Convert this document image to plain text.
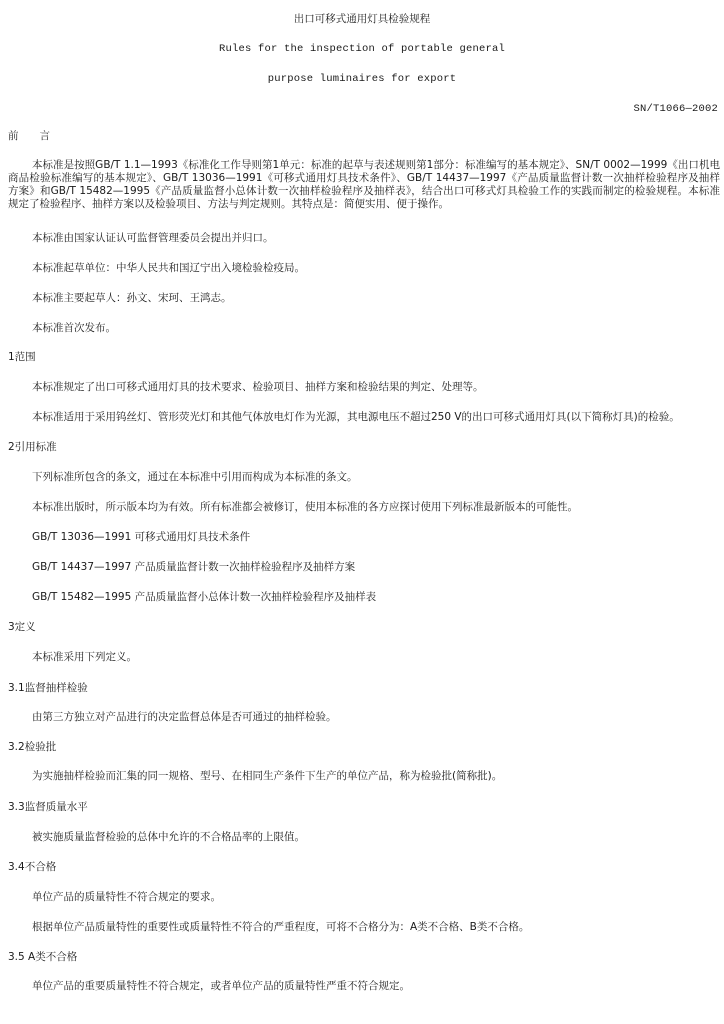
出口可移式通用灯具检验规程
Rules for the inspection of portable general
purpose luminaires for export
SN/T1066—2002
前　　言
本标准是按照GB/T 1.1—1993《标准化工作导则第1单元：标准的起草与表述规则第1部分：标准编写的基本规定》、SN/T 0002—1999《出口机电商品检验标准编写的基本规定》、GB/T 13036—1991《可移式通用灯具技术条件》、GB/T 14437—1997《产品质量监督计数一次抽样检验程序及抽样方案》和GB/T 15482—1995《产品质量监督小总体计数一次抽样检验程序及抽样表》，结合出口可移式灯具检验工作的实践而制定的检验规程。本标准规定了检验程序、抽样方案以及检验项目、方法与判定规则。其特点是：简便实用、便于操作。
本标准由国家认证认可监督管理委员会提出并归口。
本标准起草单位：中华人民共和国辽宁出入境检验检疫局。
本标准主要起草人：孙文、宋珂、王鸿志。
本标准首次发布。
1范围
本标准规定了出口可移式通用灯具的技术要求、检验项目、抽样方案和检验结果的判定、处理等。
本标准适用于采用钨丝灯、管形荧光灯和其他气体放电灯作为光源，其电源电压不超过250 V的出口可移式通用灯具(以下简称灯具)的检验。
2引用标准
下列标准所包含的条文，通过在本标准中引用而构成为本标准的条文。
本标准出版时，所示版本均为有效。所有标准都会被修订，使用本标准的各方应探讨使用下列标准最新版本的可能性。
GB/T 13036—1991 可移式通用灯具技术条件
GB/T 14437—1997 产品质量监督计数一次抽样检验程序及抽样方案
GB/T 15482—1995 产品质量监督小总体计数一次抽样检验程序及抽样表
3定义
本标准采用下列定义。
3.1监督抽样检验
由第三方独立对产品进行的决定监督总体是否可通过的抽样检验。
3.2检验批
为实施抽样检验而汇集的同一规格、型号、在相同生产条件下生产的单位产品，称为检验批(简称批)。
3.3监督质量水平
被实施质量监督检验的总体中允许的不合格品率的上限值。
3.4不合格
单位产品的质量特性不符合规定的要求。
根据单位产品质量特性的重要性或质量特性不符合的严重程度，可将不合格分为：A类不合格、B类不合格。
3.5 A类不合格
单位产品的重要质量特性不符合规定，或者单位产品的质量特性严重不符合规定。
